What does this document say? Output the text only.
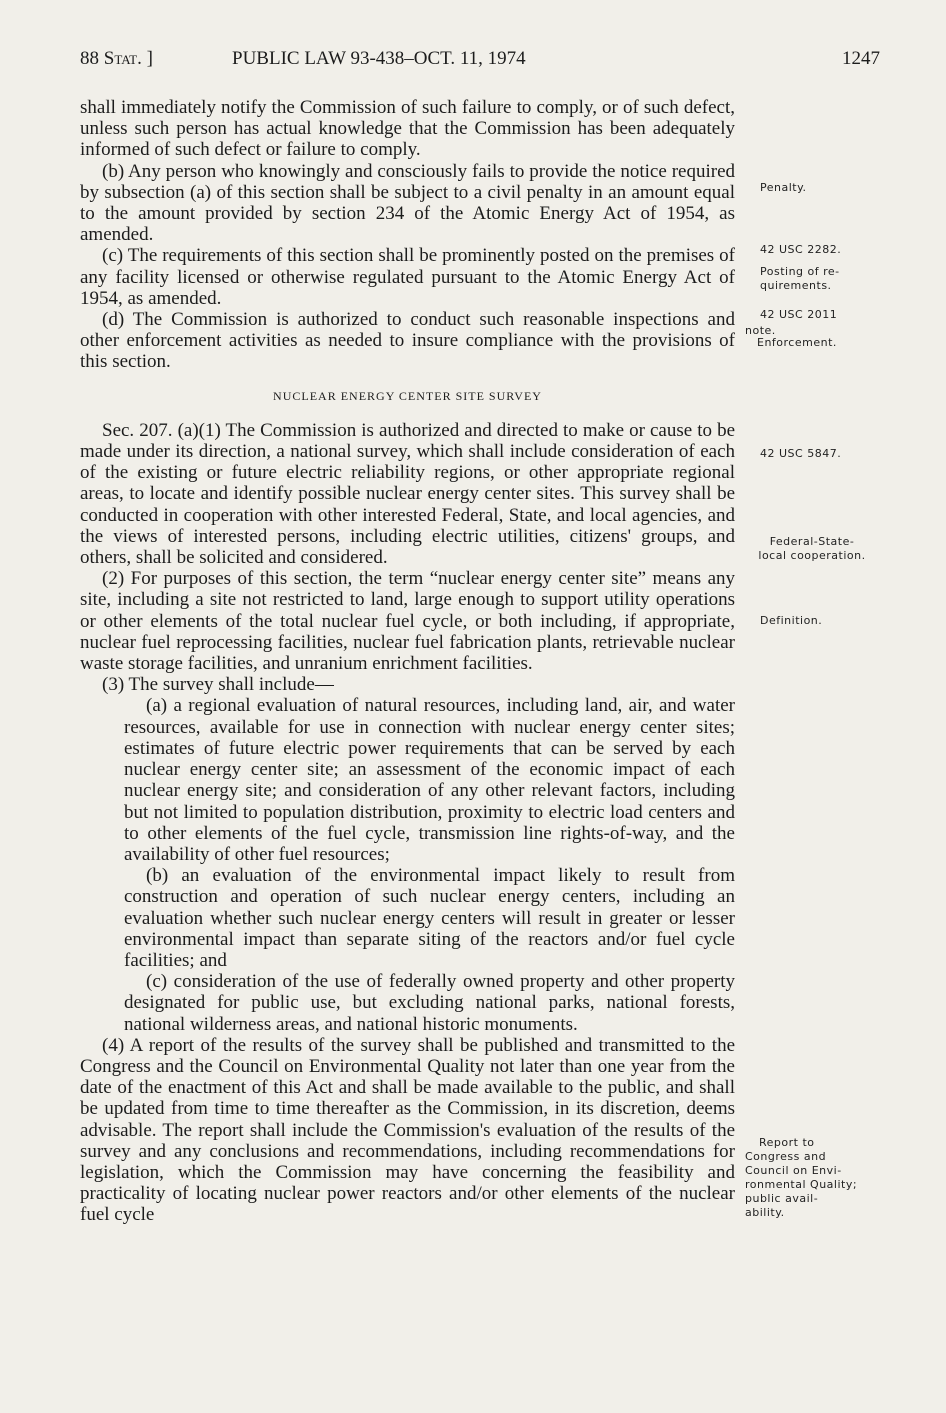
88 Stat. ]	PUBLIC LAW 93-438–OCT. 11, 1974	1247

shall immediately notify the Commission of such failure to comply, or of such defect, unless such person has actual knowledge that the Commission has been adequately informed of such defect or failure to comply.

(b) Any person who knowingly and consciously fails to provide the notice required by subsection (a) of this section shall be subject to a civil penalty in an amount equal to the amount provided by section 234 of the Atomic Energy Act of 1954, as amended.

(c) The requirements of this section shall be prominently posted on the premises of any facility licensed or otherwise regulated pursuant to the Atomic Energy Act of 1954, as amended.

(d) The Commission is authorized to conduct such reasonable inspections and other enforcement activities as needed to insure compliance with the provisions of this section.

NUCLEAR ENERGY CENTER SITE SURVEY

Sec. 207. (a)(1) The Commission is authorized and directed to make or cause to be made under its direction, a national survey, which shall include consideration of each of the existing or future electric reliability regions, or other appropriate regional areas, to locate and identify possible nuclear energy center sites. This survey shall be conducted in cooperation with other interested Federal, State, and local agencies, and the views of interested persons, including electric utilities, citizens' groups, and others, shall be solicited and considered.

(2) For purposes of this section, the term “nuclear energy center site” means any site, including a site not restricted to land, large enough to support utility operations or other elements of the total nuclear fuel cycle, or both including, if appropriate, nuclear fuel reprocessing facilities, nuclear fuel fabrication plants, retrievable nuclear waste storage facilities, and unranium enrichment facilities.

(3) The survey shall include—

(a) a regional evaluation of natural resources, including land, air, and water resources, available for use in connection with nuclear energy center sites; estimates of future electric power requirements that can be served by each nuclear energy center site; an assessment of the economic impact of each nuclear energy site; and consideration of any other relevant factors, including but not limited to population distribution, proximity to electric load centers and to other elements of the fuel cycle, transmission line rights-of-way, and the availability of other fuel resources;

(b) an evaluation of the environmental impact likely to result from construction and operation of such nuclear energy centers, including an evaluation whether such nuclear energy centers will result in greater or lesser environmental impact than separate siting of the reactors and/or fuel cycle facilities; and

(c) consideration of the use of federally owned property and other property designated for public use, but excluding national parks, national forests, national wilderness areas, and national historic monuments.

(4) A report of the results of the survey shall be published and transmitted to the Congress and the Council on Environmental Quality not later than one year from the date of the enactment of this Act and shall be made available to the public, and shall be updated from time to time thereafter as the Commission, in its discretion, deems advisable. The report shall include the Commission's evaluation of the results of the survey and any conclusions and recommendations, including recommendations for legislation, which the Commission may have concerning the feasibility and practicality of locating nuclear power reactors and/or other elements of the nuclear fuel cycle

Penalty.
42 USC 2282.
Posting of re-
quirements.
42 USC 2011
note.
Enforcement.
42 USC 5847.
Federal-State-
local cooperation.
Definition.
Report to
Congress and
Council on Envi-
ronmental Quality;
public avail-
ability.
